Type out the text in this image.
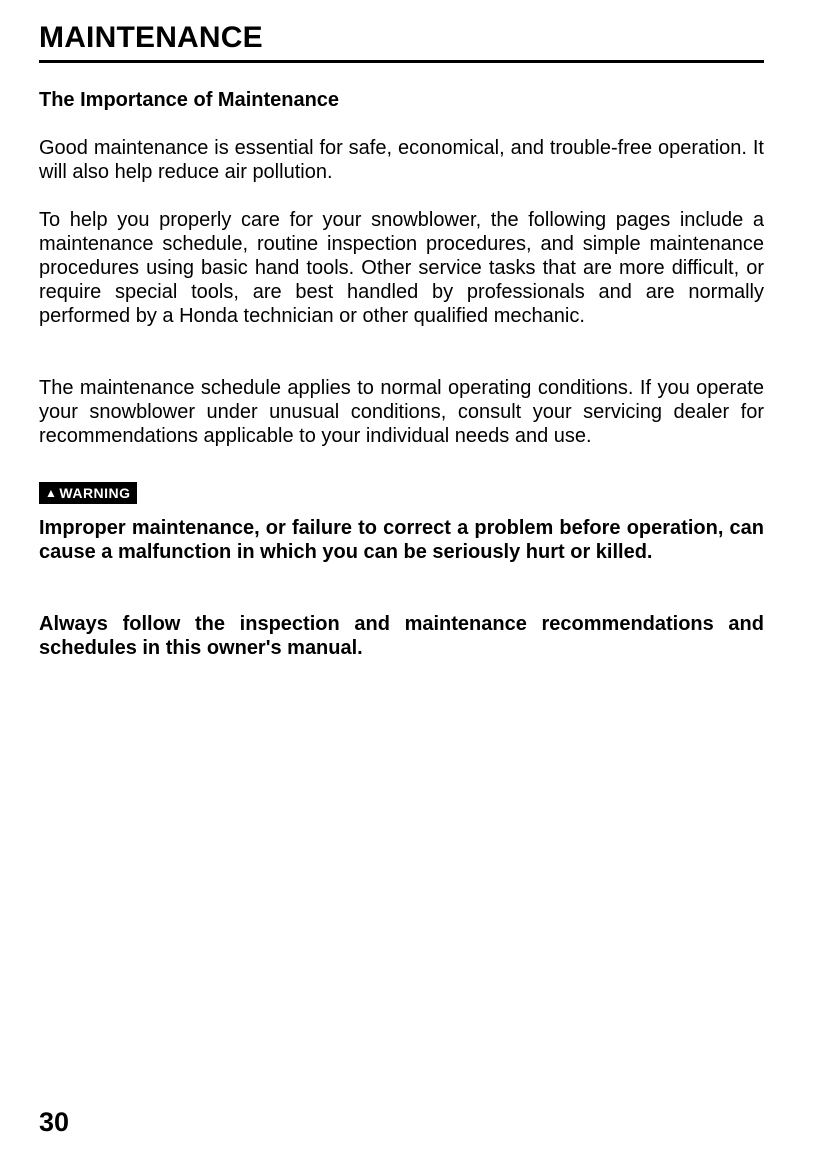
MAINTENANCE
The Importance of Maintenance

Good maintenance is essential for safe, economical, and trouble-free operation. It will also help reduce air pollution.

To help you properly care for your snowblower, the following pages include a maintenance schedule, routine inspection procedures, and simple maintenance procedures using basic hand tools. Other service tasks that are more difficult, or require special tools, are best handled by professionals and are normally performed by a Honda technician or other qualified mechanic.

The maintenance schedule applies to normal operating conditions. If you operate your snowblower under unusual conditions, consult your servicing dealer for recommendations applicable to your individual needs and use.

▲ WARNING

Improper maintenance, or failure to correct a problem before operation, can cause a malfunction in which you can be seriously hurt or killed.

Always follow the inspection and maintenance recommendations and schedules in this owner's manual.

30
